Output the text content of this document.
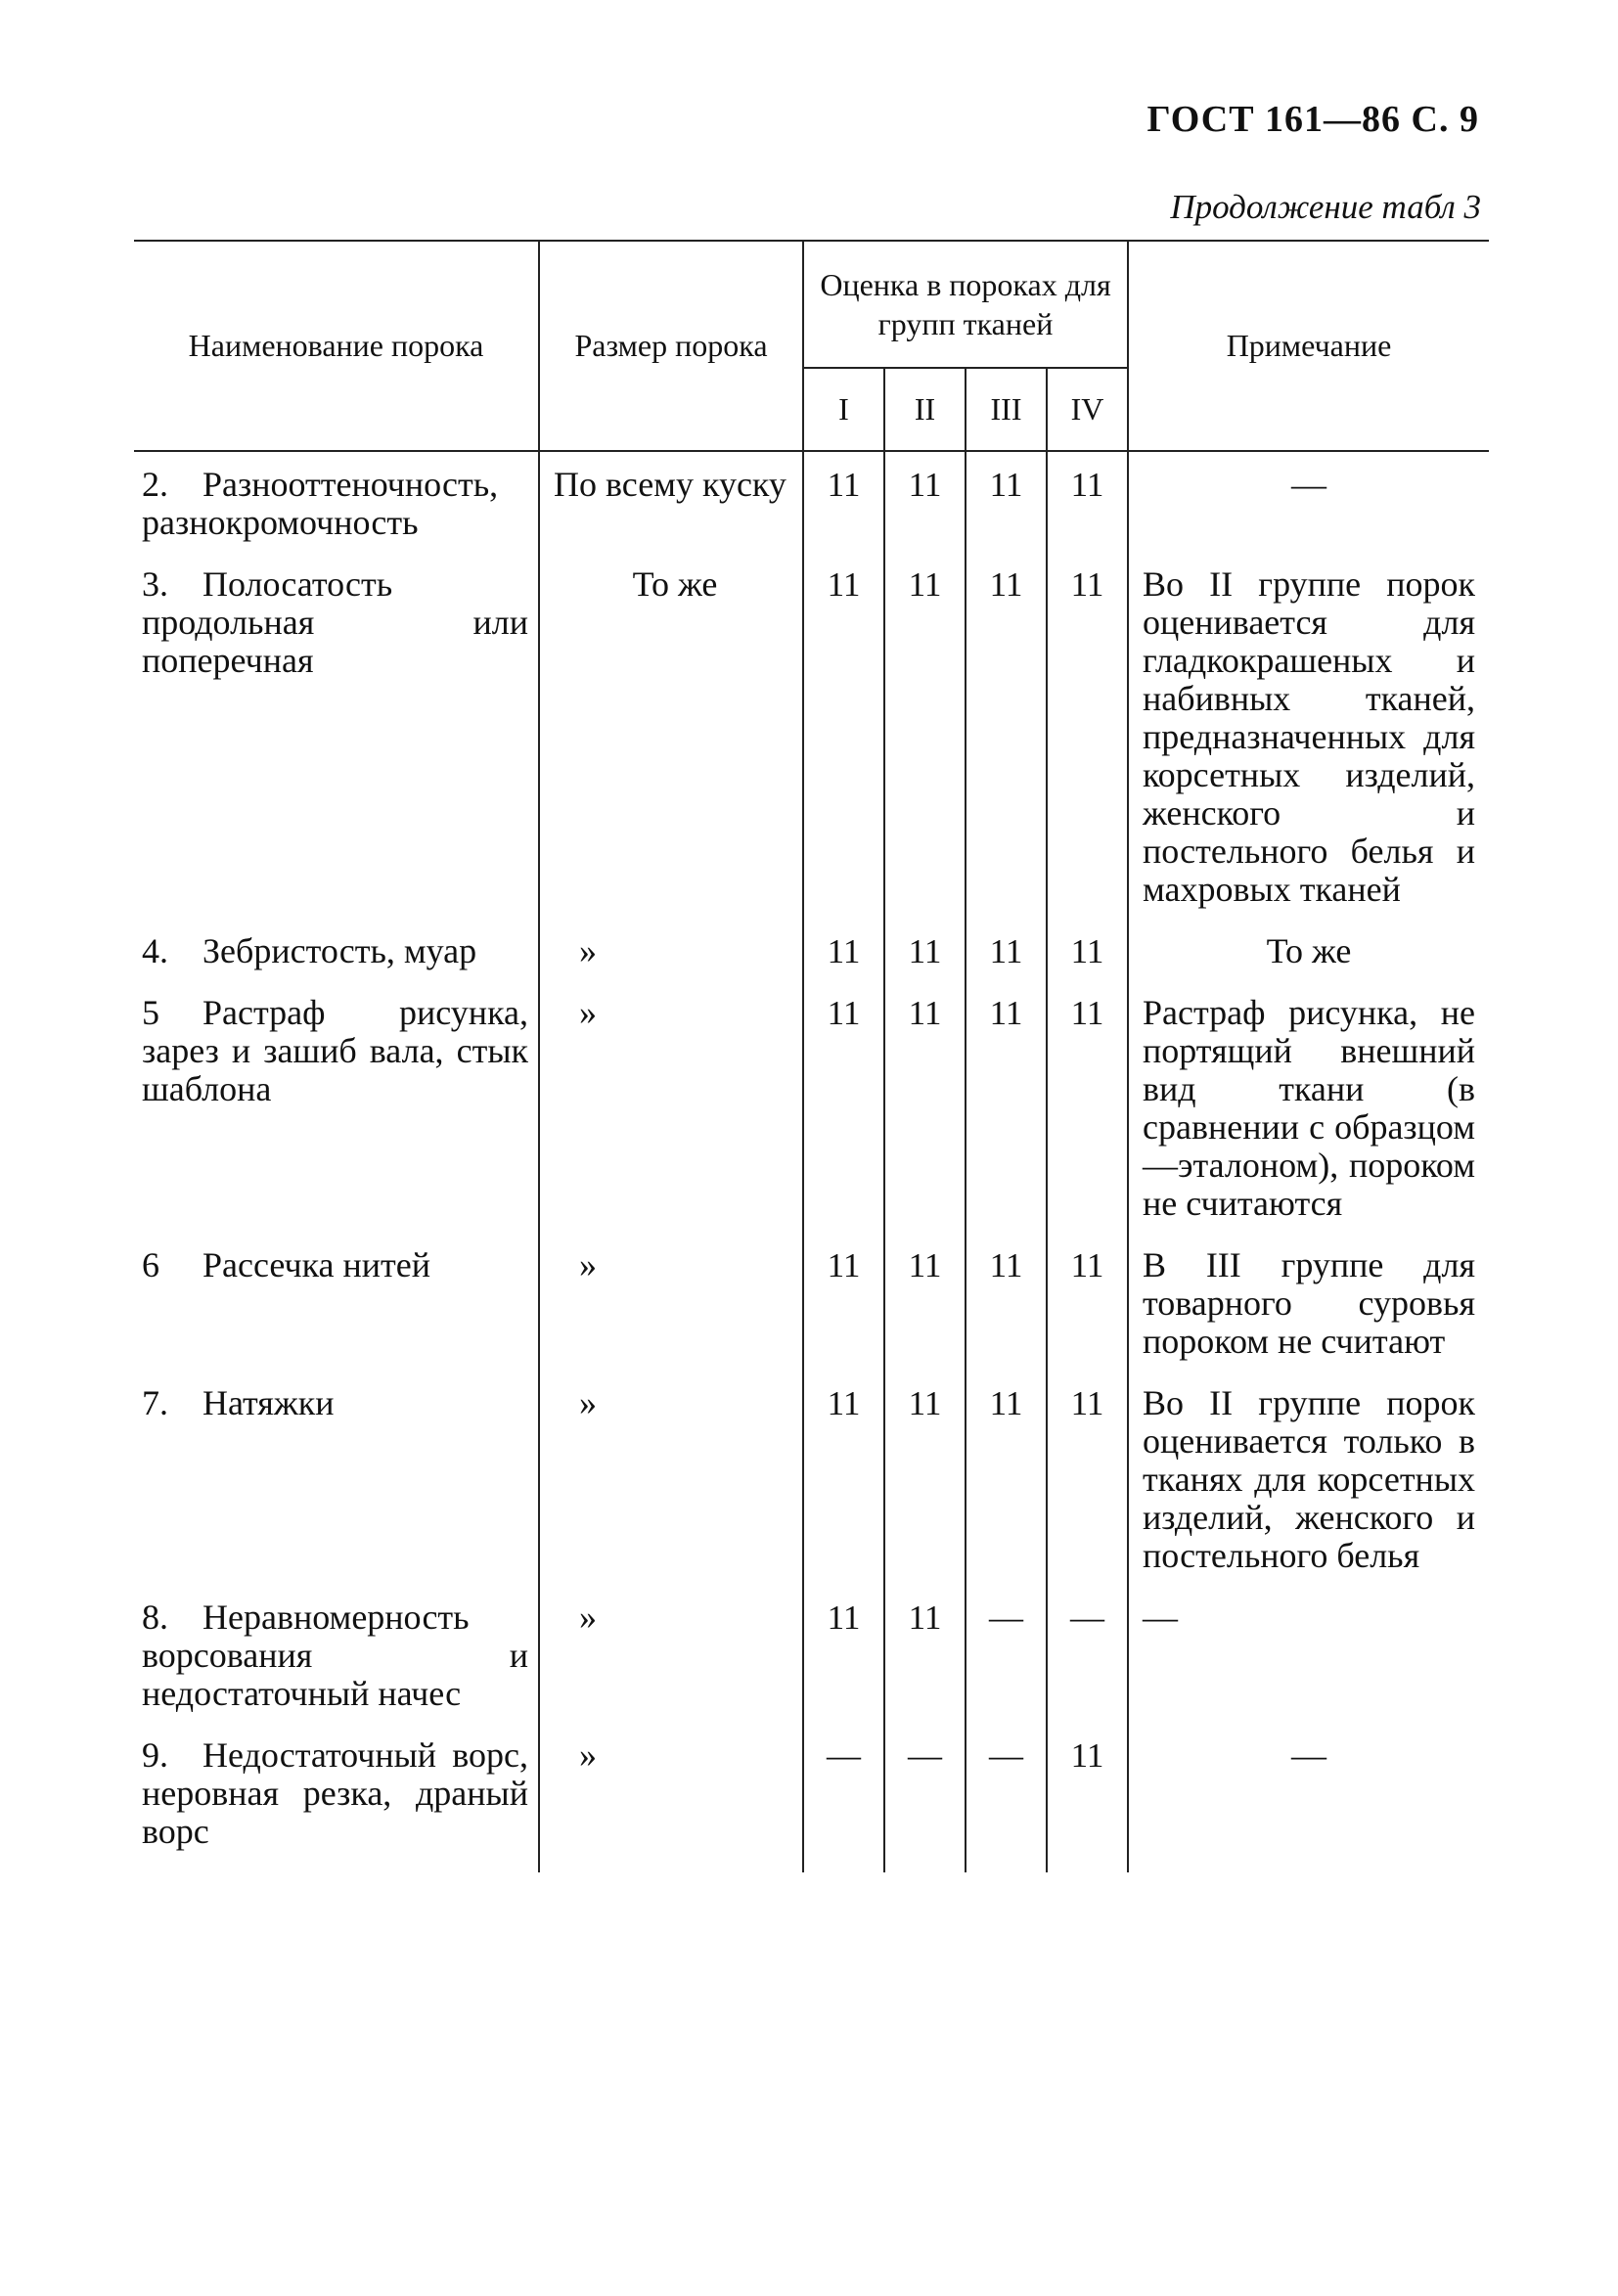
ГОСТ 161—86 С. 9
Продолжение табл 3
Наименование порока	Размер порока	Оценка в пороках для групп тканей				Примечание
		I	II	III	IV	
2. Разнооттеночность, разнокромочность	По всему куску	11	11	11	11	—
3. Полосатость продольная или поперечная	То же	11	11	11	11	Во II группе порок оценивается для гладкокрашеных и набивных тканей, предназначенных для корсетных изделий, женского и постельного белья и махровых тканей
4. Зебристость, муар	»	11	11	11	11	То же
5 Растраф рисунка, зарез и зашиб вала, стык шаблона	»	11	11	11	11	Растраф рисунка, не портящий внешний вид ткани (в сравнении с образцом—эталоном), пороком не считаются
6 Рассечка нитей	»	11	11	11	11	В III группе для товарного суровья пороком не считают
7. Натяжки	»	11	11	11	11	Во II группе порок оценивается только в тканях для корсетных изделий, женского и постельного белья
8. Неравномерность ворсования и недостаточный начес	»	11	11	—	—	—
9. Недостаточный ворс, неровная резка, драный ворс	»	—	—	—	11	—
